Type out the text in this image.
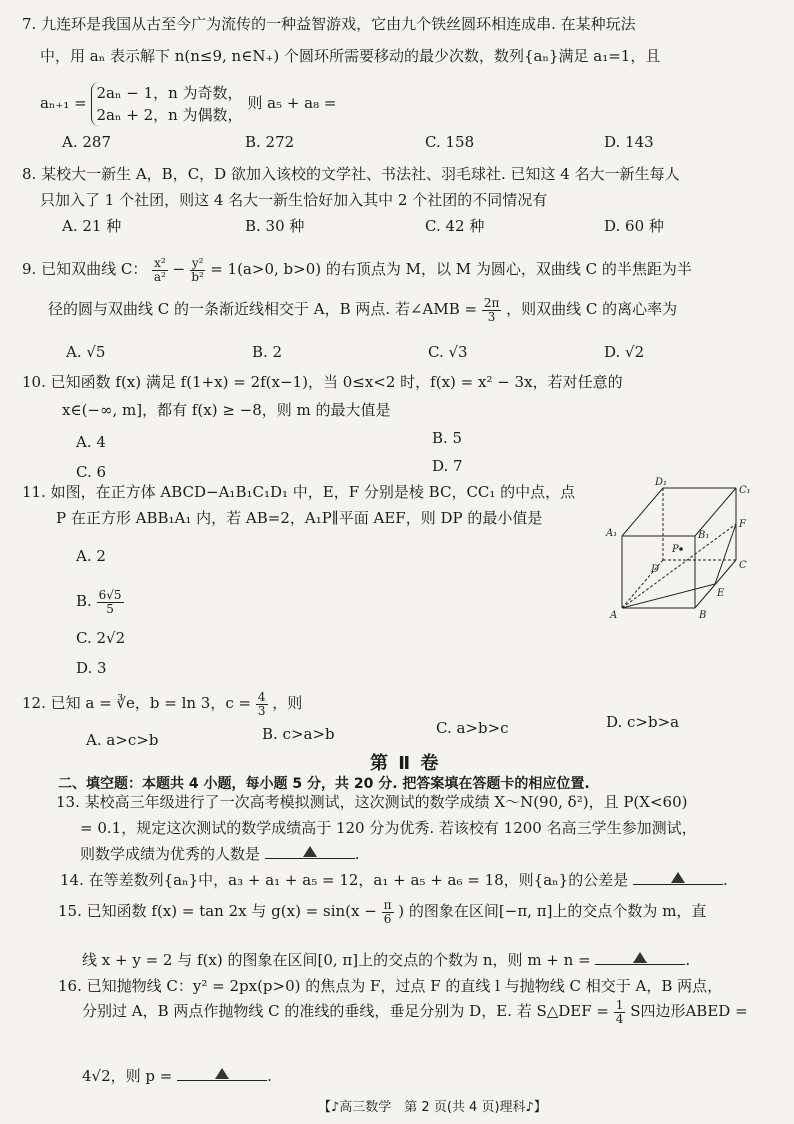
7. 九连环是我国从古至今广为流传的一种益智游戏，它由九个铁丝圆环相连成串. 在某种玩法
中，用 aₙ 表示解下 n(n≤9, n∈N₊) 个圆环所需要移动的最少次数，数列{aₙ}满足 a₁=1，且
aₙ₊₁ =
2aₙ − 1，n 为奇数，
2aₙ + 2，n 为偶数，
则 a₅ + a₈ =
A. 287	B. 272	C. 158	D. 143
8. 某校大一新生 A，B，C，D 欲加入该校的文学社、书法社、羽毛球社. 已知这 4 名大一新生每人
只加入了 1 个社团，则这 4 名大一新生恰好加入其中 2 个社团的不同情况有
A. 21 种	B. 30 种	C. 42 种	D. 60 种
9. 已知双曲线 C： $\frac{\text{x²}}{\text{a²}} - \frac{\text{y²}}{\text{b²}} = 1(a>0$, b>0) 的右顶点为 M，以 M 为圆心，双曲线 C 的半焦距为半
径的圆与双曲线 C 的一条渐近线相交于 A，B 两点. 若∠AMB = $\frac{2\pi}{3}$ ，则双曲线 C 的离心率为
A. √5	B. 2	C. √3	D. √2
10. 已知函数 f(x) 满足 f(1+x) = 2f(x−1)，当 0≤x<2 时，f(x) = x² − 3x，若对任意的
x∈(−∞, m]，都有 f(x) ≥ −8，则 m 的最大值是
A. 4	B. 5
C. 6	D. 7
11. 如图，在正方体 ABCD−A₁B₁C₁D₁ 中，E，F 分别是棱 BC，CC₁ 的中点，点
P 在正方形 ABB₁A₁ 内，若 AB=2，A₁P∥平面 AEF，则 DP 的最小值是
A. 2
B. $\frac{6√5}{5}$
C. 2√2
D. 3
D₁
C₁
A₁	B₁
F
P
D	C
E
A	B
12. 已知 a = ∛e，b = ln 3，$c = \frac{4}{3}$ ，则
A. a>c>b	B. c>a>b	C. a>b>c	D. c>b>a
第 Ⅱ 卷
二、填空题：本题共 4 小题，每小题 5 分，共 20 分. 把答案填在答题卡的相应位置.
13. 某校高三年级进行了一次高考模拟测试，这次测试的数学成绩 X～N(90, δ²)，且 P(X<60)
= 0.1，规定这次测试的数学成绩高于 120 分为优秀. 若该校有 1200 名高三学生参加测试，
则数学成绩为优秀的人数是	.
14. 在等差数列{aₙ}中，a₃ + a₁ + a₅ = 12，a₁ + a₅ + a₆ = 18，则{aₙ}的公差是	.
15. 已知函数 f(x) = tan 2x 与 $g(x) = \sin(x - \frac{\pi}{6}$ ) 的图象在区间[−π, π]上的交点个数为 m，直
线 x + y = 2 与 f(x) 的图象在区间[0, π]上的交点的个数为 n，则 m + n =	.
16. 已知抛物线 C：y² = 2px(p>0) 的焦点为 F，过点 F 的直线 l 与抛物线 C 相交于 A，B 两点，
分别过 A，B 两点作抛物线 C 的准线的垂线，垂足分别为 D，E. 若 S△DEF = $\frac{1}{4}$ S四边形ABED =
4√2，则 p =	.
【♪高三数学　第 2 页(共 4 页)理科♪】
